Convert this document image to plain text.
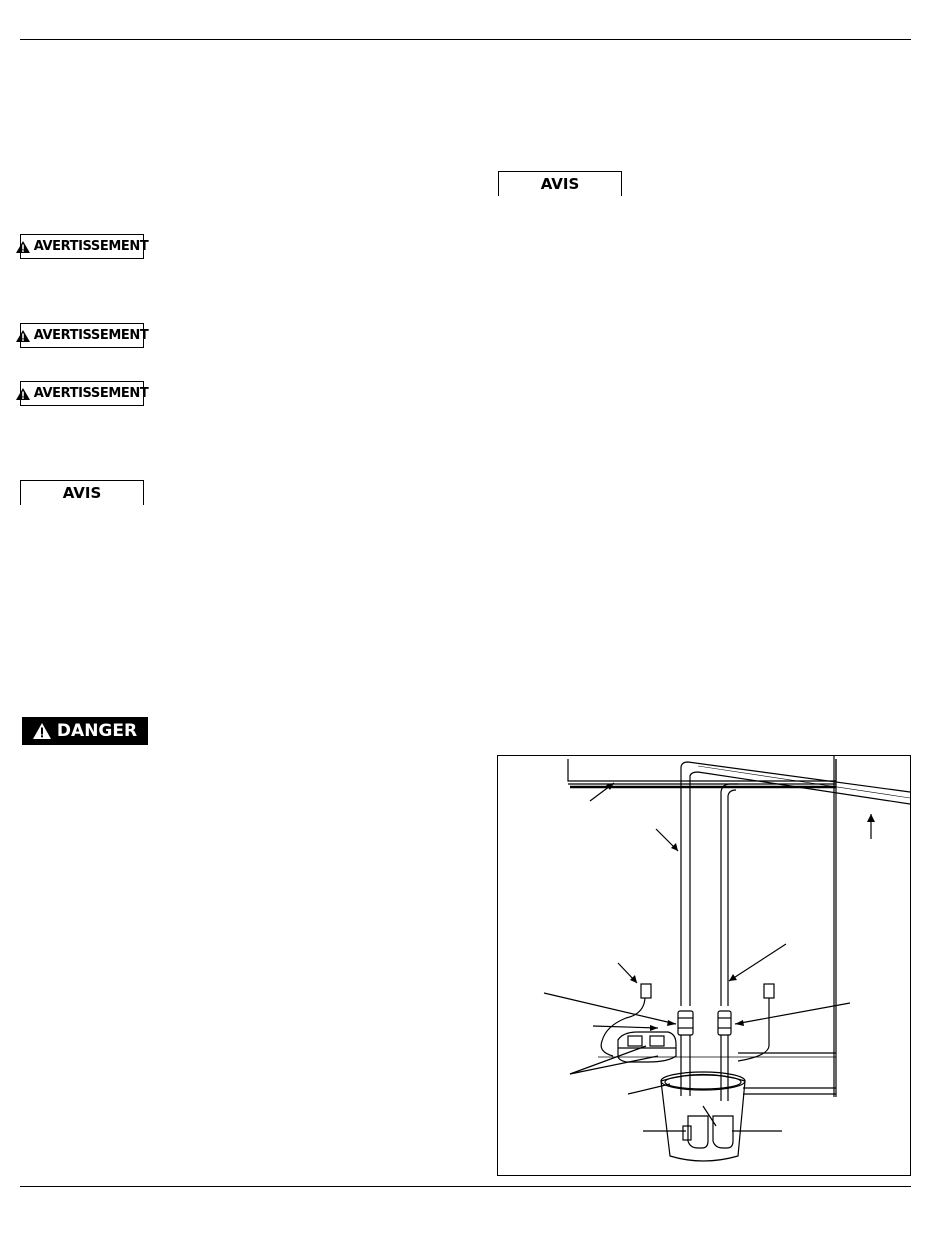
AVIS
AVERTISSEMENT
AVERTISSEMENT
AVERTISSEMENT
AVIS
DANGER
